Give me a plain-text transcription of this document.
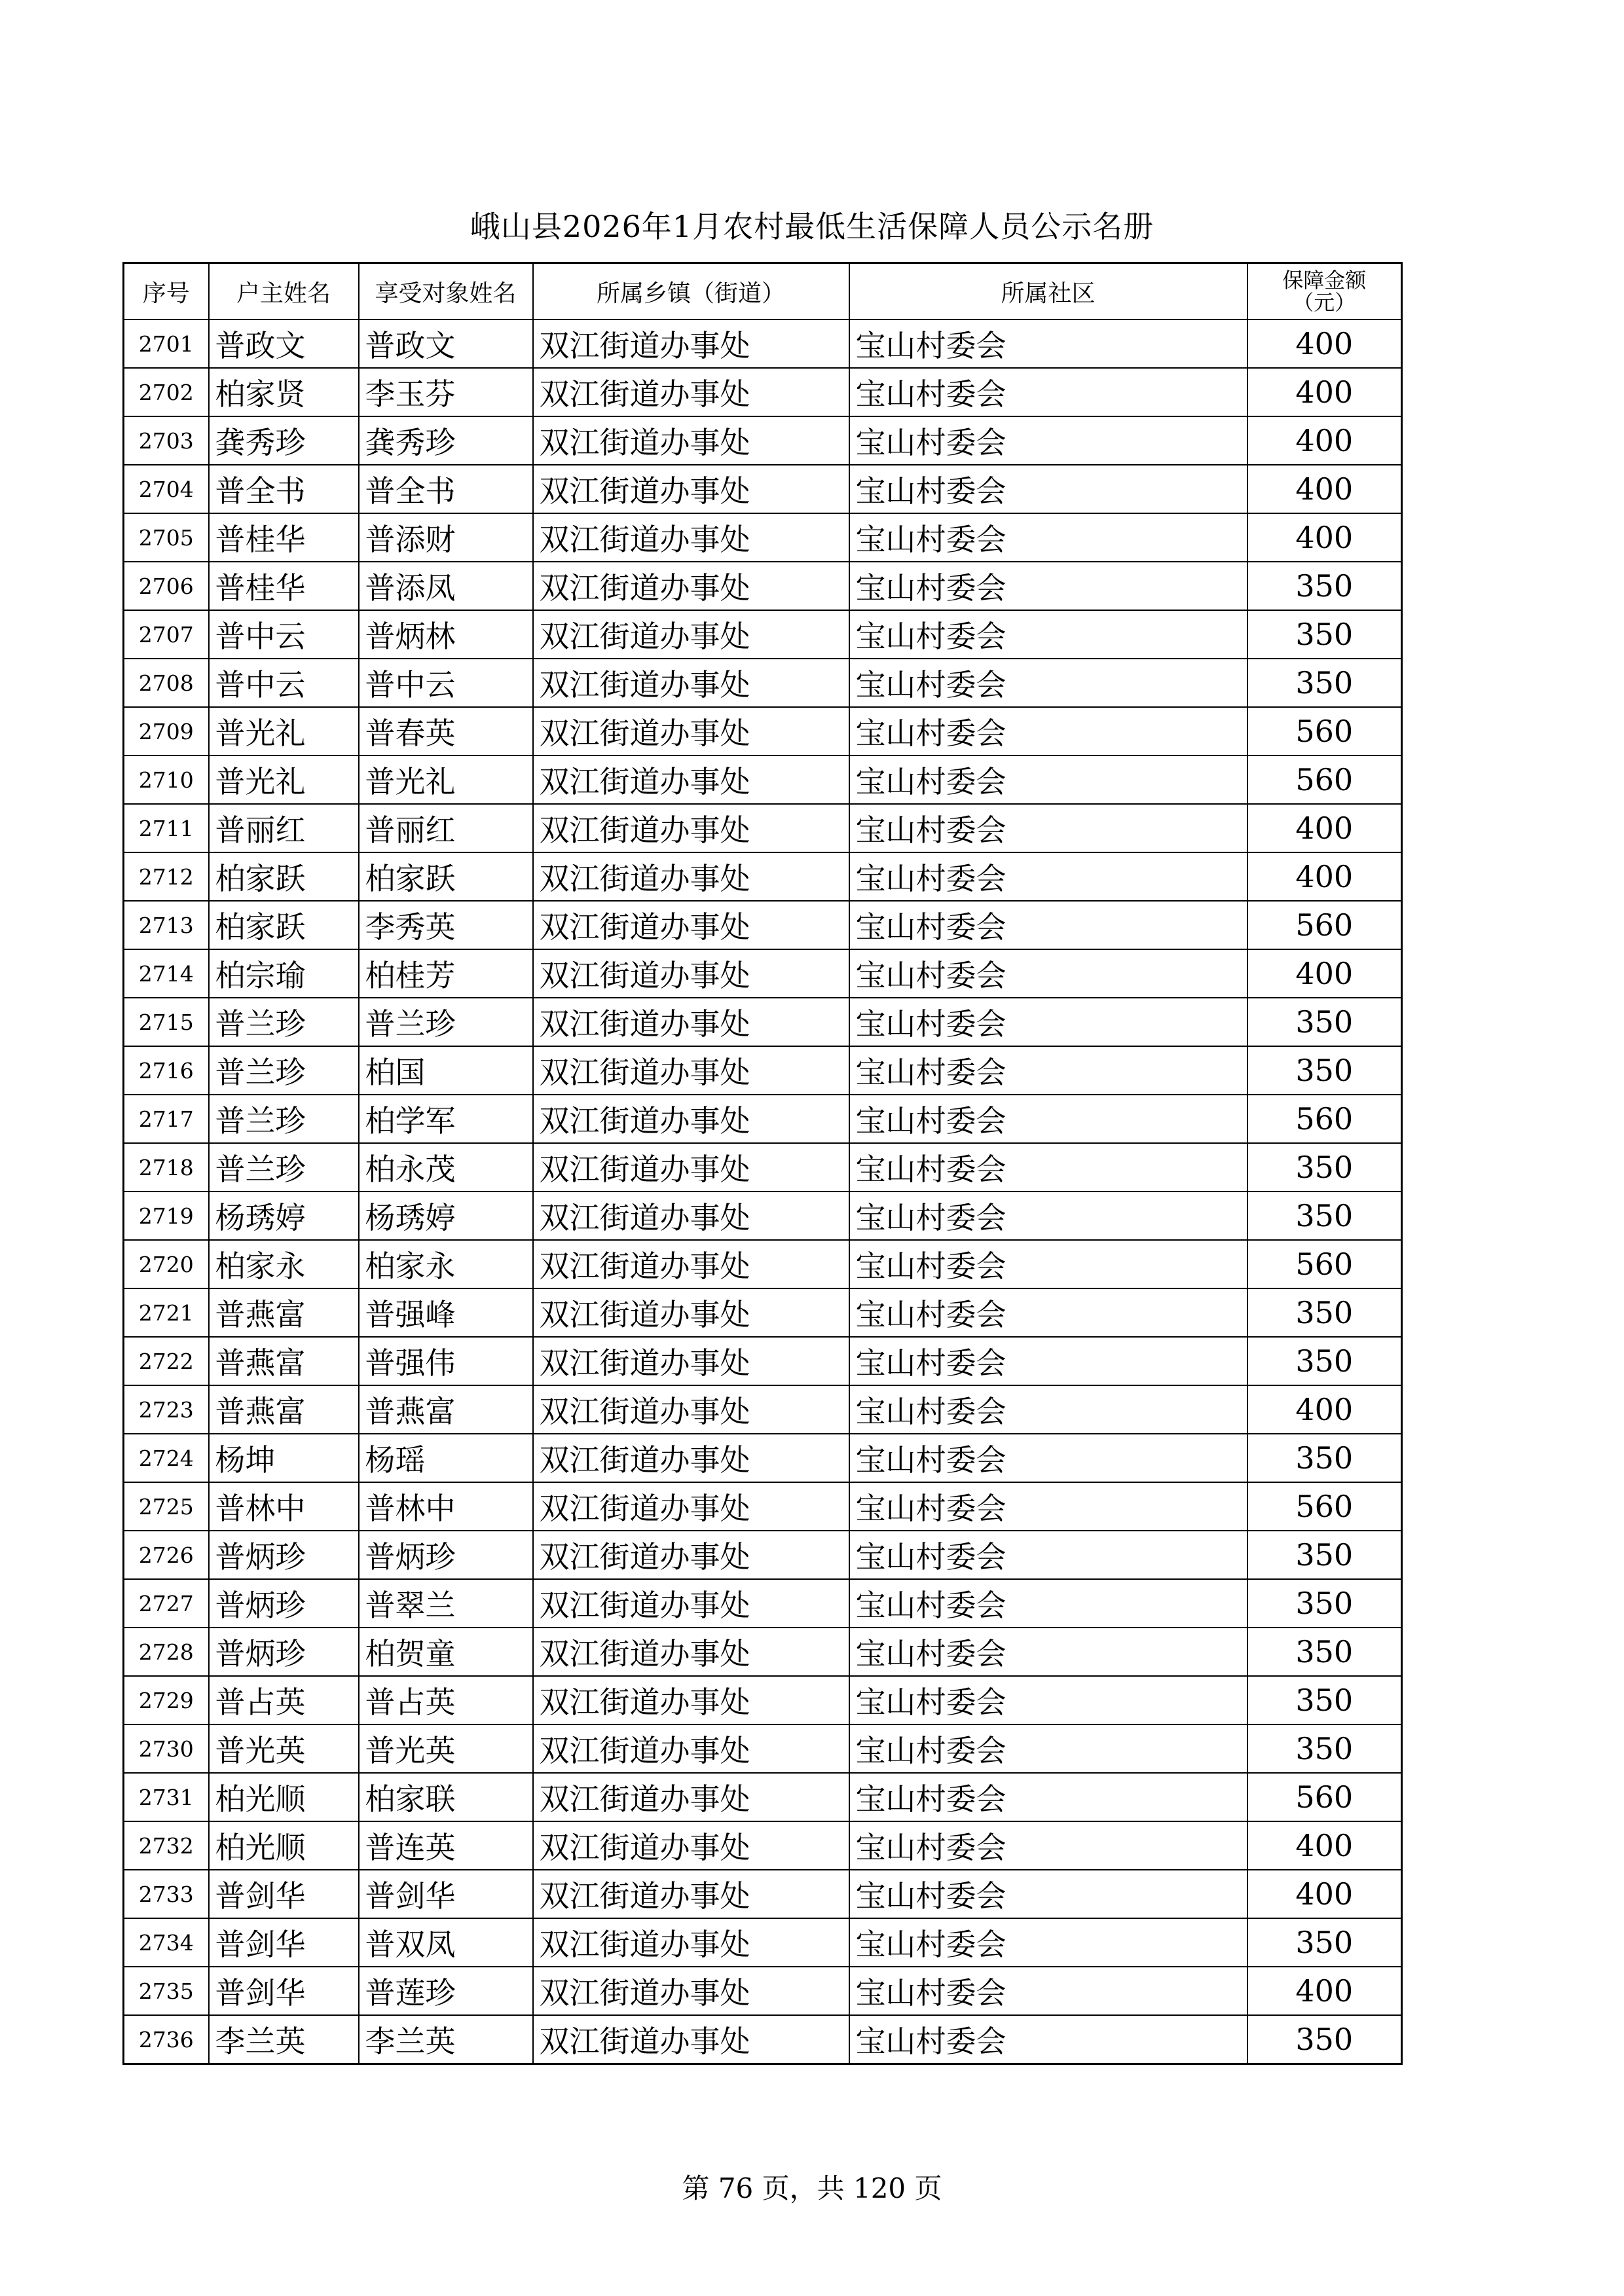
峨山县2026年1月农村最低生活保障人员公示名册
序号	户主姓名	享受对象姓名	所属乡镇（街道）	所属社区	保障金额
（元）
2701	普政文	普政文	双江街道办事处	宝山村委会	400
2702	柏家贤	李玉芬	双江街道办事处	宝山村委会	400
2703	龚秀珍	龚秀珍	双江街道办事处	宝山村委会	400
2704	普全书	普全书	双江街道办事处	宝山村委会	400
2705	普桂华	普添财	双江街道办事处	宝山村委会	400
2706	普桂华	普添凤	双江街道办事处	宝山村委会	350
2707	普中云	普炳林	双江街道办事处	宝山村委会	350
2708	普中云	普中云	双江街道办事处	宝山村委会	350
2709	普光礼	普春英	双江街道办事处	宝山村委会	560
2710	普光礼	普光礼	双江街道办事处	宝山村委会	560
2711	普丽红	普丽红	双江街道办事处	宝山村委会	400
2712	柏家跃	柏家跃	双江街道办事处	宝山村委会	400
2713	柏家跃	李秀英	双江街道办事处	宝山村委会	560
2714	柏宗瑜	柏桂芳	双江街道办事处	宝山村委会	400
2715	普兰珍	普兰珍	双江街道办事处	宝山村委会	350
2716	普兰珍	柏国	双江街道办事处	宝山村委会	350
2717	普兰珍	柏学军	双江街道办事处	宝山村委会	560
2718	普兰珍	柏永茂	双江街道办事处	宝山村委会	350
2719	杨琇婷	杨琇婷	双江街道办事处	宝山村委会	350
2720	柏家永	柏家永	双江街道办事处	宝山村委会	560
2721	普燕富	普强峰	双江街道办事处	宝山村委会	350
2722	普燕富	普强伟	双江街道办事处	宝山村委会	350
2723	普燕富	普燕富	双江街道办事处	宝山村委会	400
2724	杨坤	杨瑶	双江街道办事处	宝山村委会	350
2725	普林中	普林中	双江街道办事处	宝山村委会	560
2726	普炳珍	普炳珍	双江街道办事处	宝山村委会	350
2727	普炳珍	普翠兰	双江街道办事处	宝山村委会	350
2728	普炳珍	柏贺童	双江街道办事处	宝山村委会	350
2729	普占英	普占英	双江街道办事处	宝山村委会	350
2730	普光英	普光英	双江街道办事处	宝山村委会	350
2731	柏光顺	柏家联	双江街道办事处	宝山村委会	560
2732	柏光顺	普连英	双江街道办事处	宝山村委会	400
2733	普剑华	普剑华	双江街道办事处	宝山村委会	400
2734	普剑华	普双凤	双江街道办事处	宝山村委会	350
2735	普剑华	普莲珍	双江街道办事处	宝山村委会	400
2736	李兰英	李兰英	双江街道办事处	宝山村委会	350
第 76 页，共 120 页
